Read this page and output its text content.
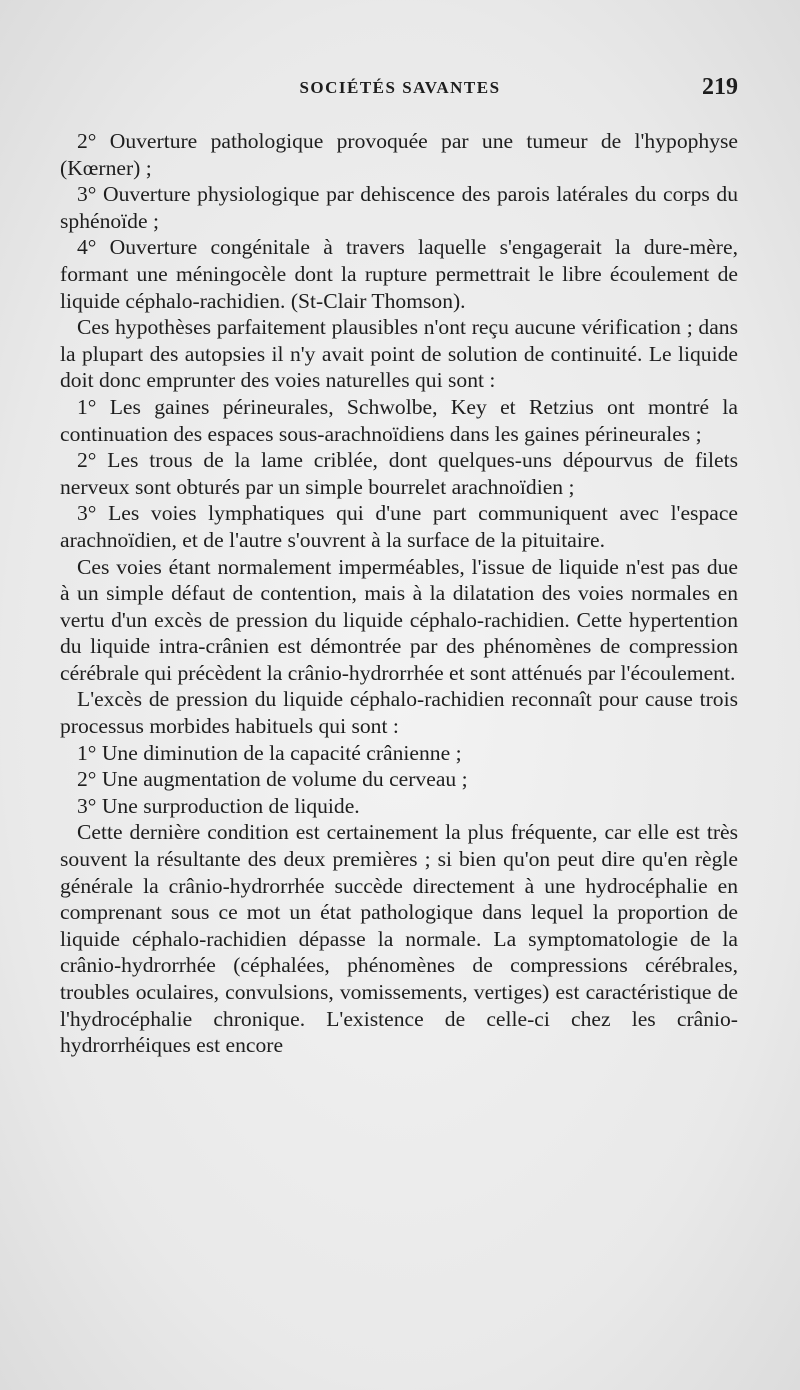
SOCIÉTÉS SAVANTES	219

2° Ouverture pathologique provoquée par une tumeur de l'hypophyse (Kœrner) ;

3° Ouverture physiologique par dehiscence des parois latérales du corps du sphénoïde ;

4° Ouverture congénitale à travers laquelle s'engagerait la dure-mère, formant une méningocèle dont la rupture permettrait le libre écoulement de liquide céphalo-rachidien. (St-Clair Thomson).

Ces hypothèses parfaitement plausibles n'ont reçu aucune vérification ; dans la plupart des autopsies il n'y avait point de solution de continuité. Le liquide doit donc emprunter des voies naturelles qui sont :

1° Les gaines périneurales, Schwolbe, Key et Retzius ont montré la continuation des espaces sous-arachnoïdiens dans les gaines périneurales ;

2° Les trous de la lame criblée, dont quelques-uns dépourvus de filets nerveux sont obturés par un simple bourrelet arachnoïdien ;

3° Les voies lymphatiques qui d'une part communiquent avec l'espace arachnoïdien, et de l'autre s'ouvrent à la surface de la pituitaire.

Ces voies étant normalement imperméables, l'issue de liquide n'est pas due à un simple défaut de contention, mais à la dilatation des voies normales en vertu d'un excès de pression du liquide céphalo-rachidien. Cette hypertention du liquide intra-crânien est démontrée par des phénomènes de compression cérébrale qui précèdent la crânio-hydrorrhée et sont atténués par l'écoulement.

L'excès de pression du liquide céphalo-rachidien reconnaît pour cause trois processus morbides habituels qui sont :

1° Une diminution de la capacité crânienne ;

2° Une augmentation de volume du cerveau ;

3° Une surproduction de liquide.

Cette dernière condition est certainement la plus fréquente, car elle est très souvent la résultante des deux premières ; si bien qu'on peut dire qu'en règle générale la crânio-hydrorrhée succède directement à une hydrocéphalie en comprenant sous ce mot un état pathologique dans lequel la proportion de liquide céphalo-rachidien dépasse la normale. La symptomatologie de la crânio-hydrorrhée (céphalées, phénomènes de compressions cérébrales, troubles oculaires, convulsions, vomissements, vertiges) est caractéristique de l'hydrocéphalie chronique. L'existence de celle-ci chez les crânio-hydrorrhéiques est encore
